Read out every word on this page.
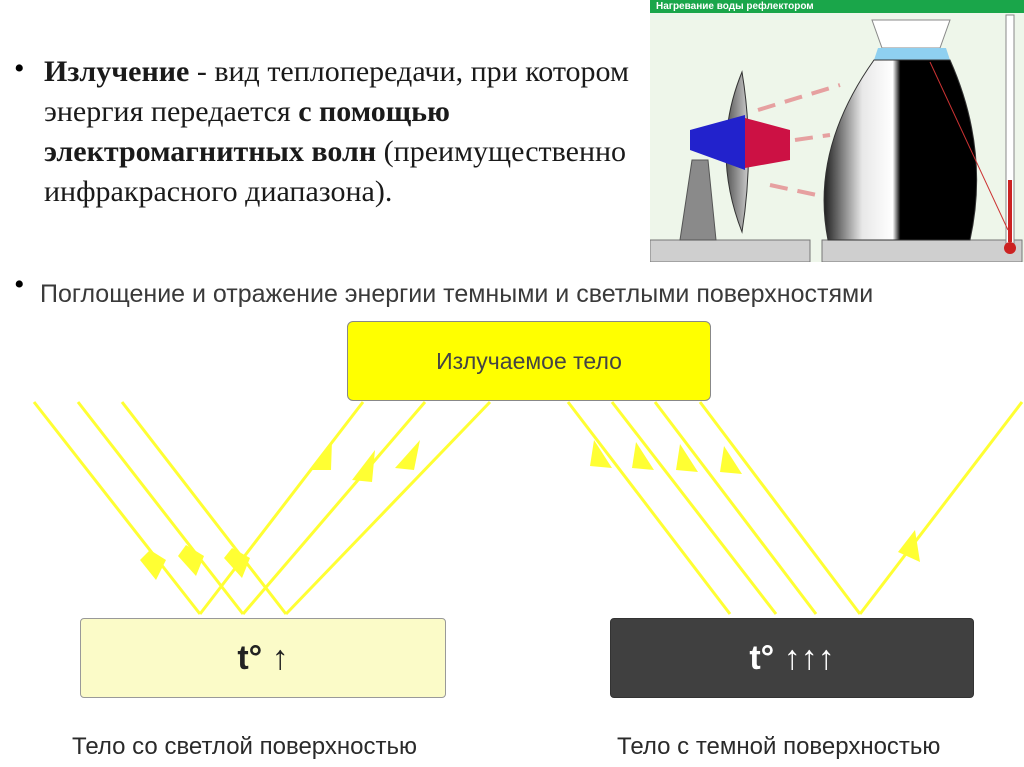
• Излучение - вид теплопередачи, при котором энергия передается с помощью электромагнитных волн (преимущественно инфракрасного диапазона).
•
Нагревание воды рефлектором
Поглощение и отражение энергии темными и светлыми поверхностями
Излучаемое тело
t° ↑	t° ↑↑↑
Тело со светлой поверхностью	Тело с темной поверхностью
